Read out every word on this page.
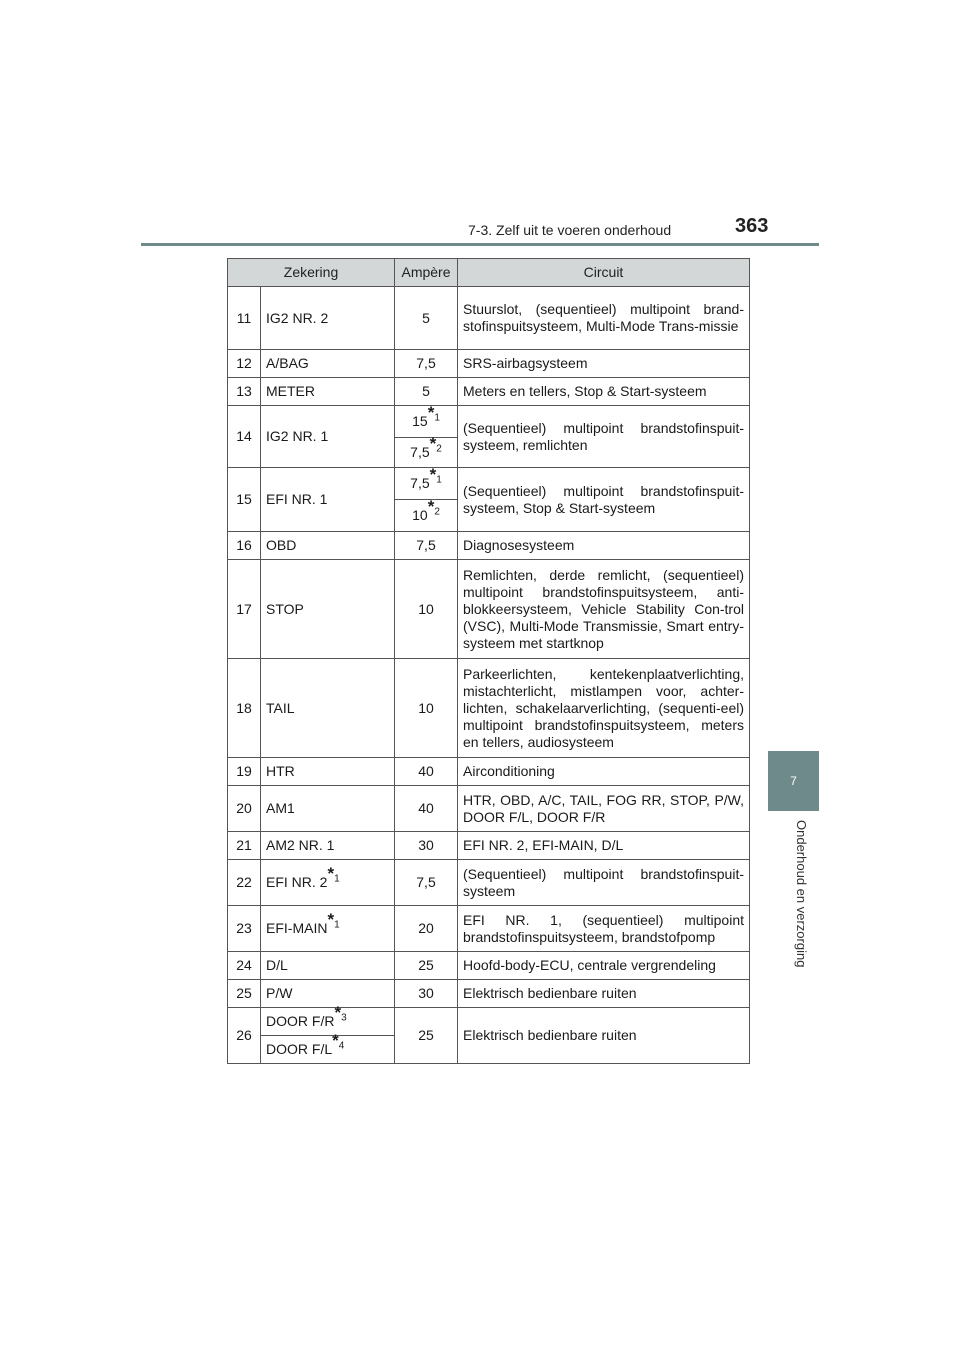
7-3. Zelf uit te voeren onderhoud	363
7
Onderhoud en verzorging
Zekering		Ampère	Circuit
11	IG2 NR. 2	5	Stuurslot, (sequentieel) multipoint brand-stofinspuitsysteem, Multi-Mode Trans-missie
12	A/BAG	7,5	SRS-airbagsysteem
13	METER	5	Meters en tellers, Stop & Start-systeem
14	IG2 NR. 1	15*$^1$	(Sequentieel) multipoint brandstofinspuit-systeem, remlichten
		7,5*$^2$
15	EFI NR. 1	7,5*$^1$	(Sequentieel) multipoint brandstofinspuit-systeem, Stop & Start-systeem
		10*$^2$
16	OBD	7,5	Diagnosesysteem
17	STOP	10	Remlichten, derde remlicht, (sequentieel) multipoint brandstofinspuitsysteem, anti-blokkeersysteem, Vehicle Stability Con-trol (VSC), Multi-Mode Transmissie, Smart entry-systeem met startknop
18	TAIL	10	Parkeerlichten, kentekenplaatverlichting, mistachterlicht, mistlampen voor, achter-lichten, schakelaarverlichting, (sequenti-eel) multipoint brandstofinspuitsysteem, meters en tellers, audiosysteem
19	HTR	40	Airconditioning
20	AM1	40	HTR, OBD, A/C, TAIL, FOG RR, STOP, P/W, DOOR F/L, DOOR F/R
21	AM2 NR. 1	30	EFI NR. 2, EFI-MAIN, D/L
22	EFI NR. 2*$^1$	7,5	(Sequentieel) multipoint brandstofinspuit-systeem
23	EFI-MAIN*$^1$	20	EFI NR. 1, (sequentieel) multipoint brandstofinspuitsysteem, brandstofpomp
24	D/L	25	Hoofd-body-ECU, centrale vergrendeling
25	P/W	30	Elektrisch bedienbare ruiten
26	DOOR F/R*$^3$	25	Elektrisch bedienbare ruiten
	DOOR F/L*$^4$
